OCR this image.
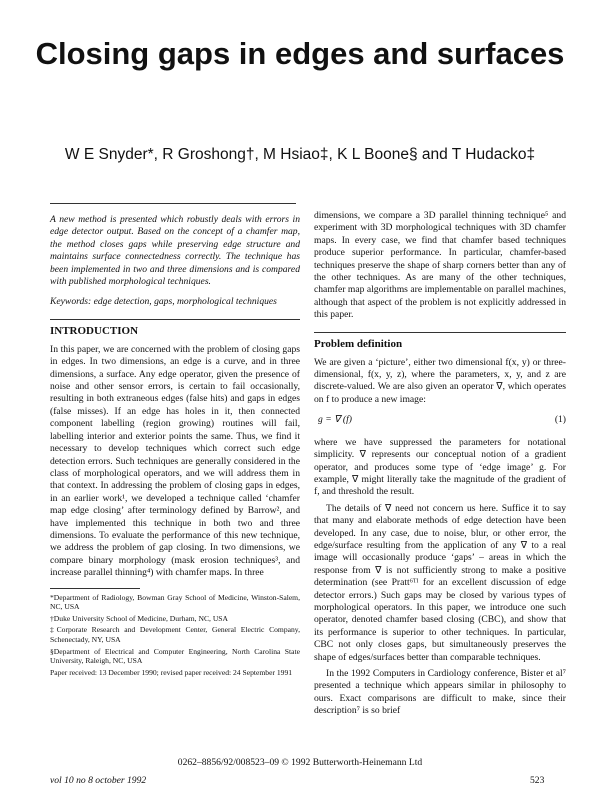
Closing gaps in edges and surfaces
W E Snyder*, R Groshong†, M Hsiao‡, K L Boone§ and T Hudacko‡

A new method is presented which robustly deals with errors in edge detector output. Based on the concept of a chamfer map, the method closes gaps while preserving edge structure and maintains surface connectedness correctly. The technique has been implemented in two and three dimensions and is compared with published morphological techniques.

Keywords: edge detection, gaps, morphological techniques

INTRODUCTION

In this paper, we are concerned with the problem of closing gaps in edges. In two dimensions, an edge is a curve, and in three dimensions, a surface. Any edge operator, given the presence of noise and other sensor errors, is certain to fail occasionally, resulting in both extraneous edges (false hits) and gaps in edges (false misses). If an edge has holes in it, then connected component labelling (region growing) routines will fail, labelling interior and exterior points the same. Thus, we find it necessary to develop techniques which correct such edge detection errors. Such techniques are generally considered in the class of morphological operators, and we will address them in that context. In addressing the problem of closing gaps in edges, in an earlier work¹, we developed a technique called ‘chamfer map edge closing’ after terminology defined by Barrow², and have implemented this technique in both two and three dimensions. To evaluate the performance of this new technique, we address the problem of gap closing. In two dimensions, we compare binary morphology (mask erosion techniques³, and increase parallel thinning⁴) with chamfer maps. In three

*Department of Radiology, Bowman Gray School of Medicine, Winston-Salem, NC, USA

†Duke University School of Medicine, Durham, NC, USA

‡Corporate Research and Development Center, General Electric Company, Schenectady, NY, USA

§Department of Electrical and Computer Engineering, North Carolina State University, Raleigh, NC, USA

Paper received: 13 December 1990; revised paper received: 24 September 1991

dimensions, we compare a 3D parallel thinning technique⁵ and experiment with 3D morphological techniques with 3D chamfer maps. In every case, we find that chamfer based techniques produce superior performance. In particular, chamfer-based techniques preserve the shape of sharp corners better than any of the other techniques. As are many of the other techniques, chamfer map algorithms are implementable on parallel machines, although that aspect of the problem is not explicitly addressed in this paper.

Problem definition

We are given a ‘picture’, either two dimensional f(x, y) or three-dimensional, f(x, y, z), where the parameters, x, y, and z are discrete-valued. We are also given an operator ∇, which operates on f to produce a new image:

g = ∇ (f)	(1)

where we have suppressed the parameters for notational simplicity. ∇ represents our conceptual notion of a gradient operator, and produces some type of ‘edge image’ g. For example, ∇ might literally take the magnitude of the gradient of f, and threshold the result.

The details of ∇ need not concern us here. Suffice it to say that many and elaborate methods of edge detection have been developed. In any case, due to noise, blur, or other error, the edge/surface resulting from the application of any ∇ to a real image will occasionally produce ‘gaps’ – areas in which the response from ∇ is not sufficiently strong to make a positive determination (see Pratt⁶ᵀᴵ for an excellent discussion of edge detector errors.) Such gaps may be closed by various types of morphological operators. In this paper, we introduce one such operator, denoted chamfer based closing (CBC), and show that its performance is superior to other techniques. In particular, CBC not only closes gaps, but simultaneously preserves the shape of edges/surfaces better than comparable techniques.

In the 1992 Computers in Cardiology conference, Bister et al⁷ presented a technique which appears similar in philosophy to ours. Exact comparisons are difficult to make, since their description⁷ is so brief

0262–8856/92/008523–09 © 1992 Butterworth-Heinemann Ltd
vol 10 no 8 october 1992	523
